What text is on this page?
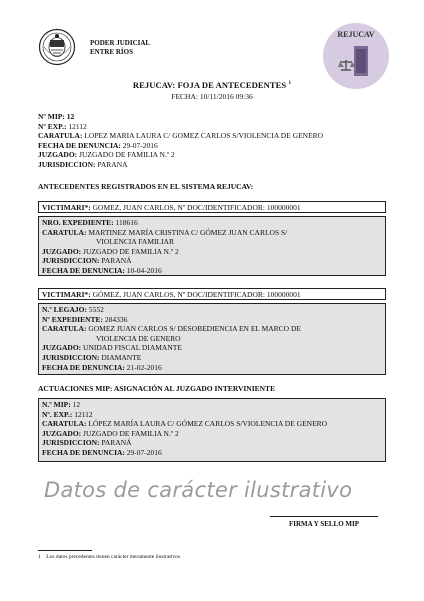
PODER JUDICIAL
ENTRE RÍOS
REJUCAV
REJUCAV: FOJA DE ANTECEDENTES $^1$
FECHA: 10/11/2016 09:36
Nº MIP: 12
Nº EXP.: 12112
CARATULA: LOPEZ MARIA LAURA C/ GOMEZ CARLOS S/VIOLENCIA DE GENERO
FECHA DE DENUNCIA: 29-07-2016
JUZGADO: JUZGADO DE FAMILIA N.º 2
JURISDICCION: PARANA
ANTECEDENTES REGISTRADOS EN EL SISTEMA REJUCAV:
VICTIMARI*: GOMEZ, JUAN CARLOS, Nº DOC/IDENTIFICADOR: 100000001
NRO. EXPEDIENTE: 118616
CARATULA: MARTINEZ MARÍA CRISTINA C/ GÓMEZ JUAN CARLOS S/
VIOLENCIA FAMILIAR
JUZGADO: JUZGADO DE FAMILIA N.º 2
JURISDICCION: PARANÁ
FECHA DE DENUNCIA: 10-04-2016
VICTIMARI*: GÓMEZ, JUAN CARLOS, Nº DOC/IDENTIFICADOR: 100000001
N.º LEGAJO: 5552
Nº EXPEDIENTE: 284336
CARATULA: GOMEZ JUAN CARLOS S/ DESOBEDIENCIA EN EL MARCO DE
VIOLENCIA DE GENERO
JUZGADO: UNIDAD FISCAL DIAMANTE
JURISDICCION: DIAMANTE
FECHA DE DENUNCIA: 21-02-2016
ACTUACIONES MIP: ASIGNACIÓN AL JUZGADO INTERVINIENTE
N.º MIP: 12
Nº. EXP.: 12112
CARATULA: LÓPEZ MARÍA LAURA C/ GÓMEZ CARLOS S/VIOLENCIA DE GENERO
JUZGADO: JUZGADO DE FAMILIA N.º 2
JURISDICCION: PARANÁ
FECHA DE DENUNCIA: 29-07-2016
Datos de carácter ilustrativo
FIRMA Y SELLO MIP
1 Los datos precedentes tienen carácter meramente ilustrativos
